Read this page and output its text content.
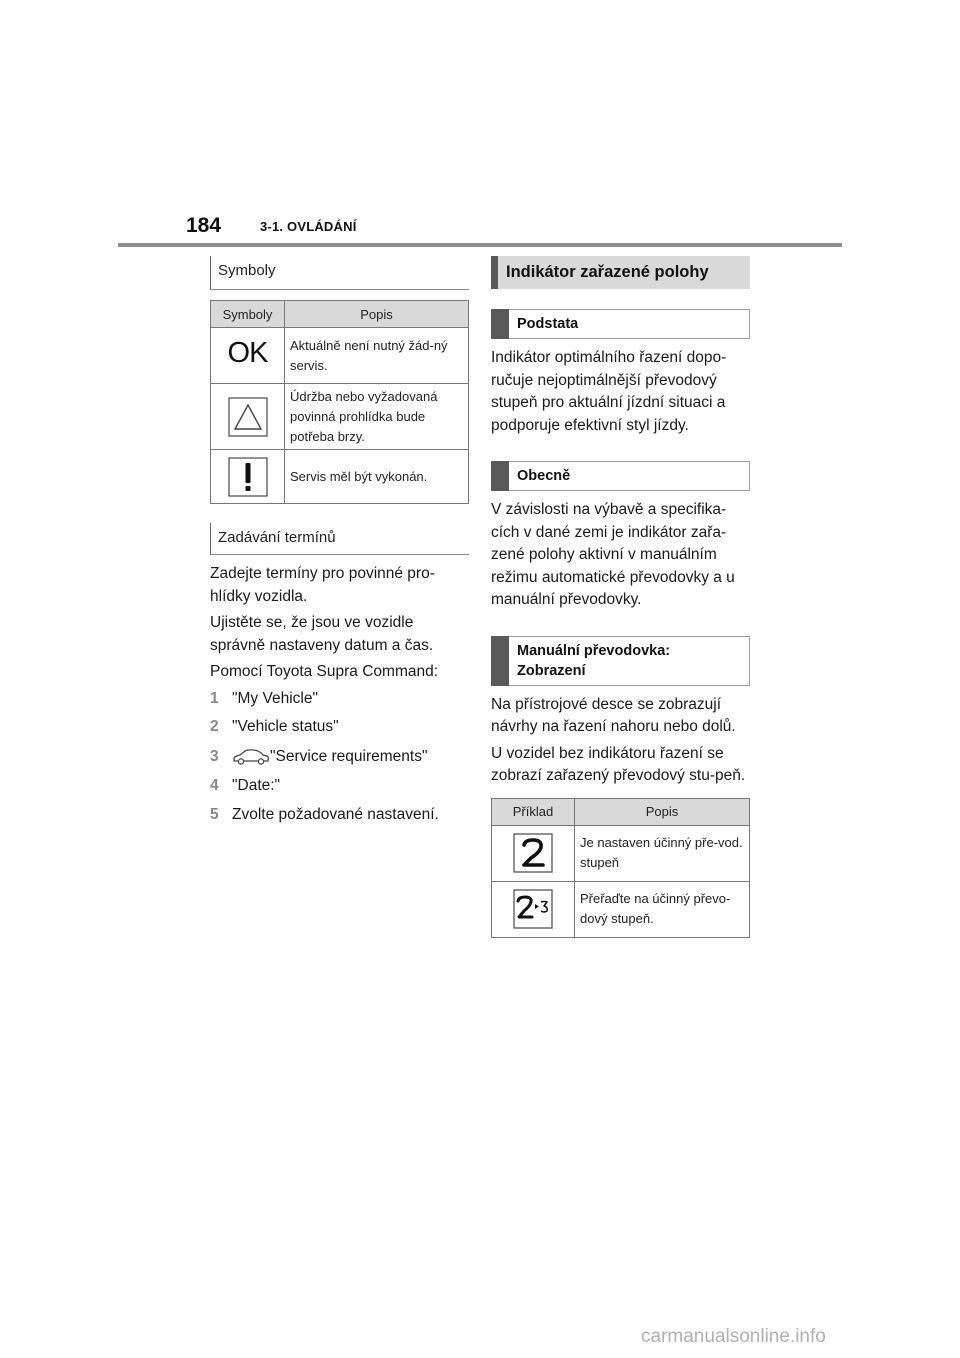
184	3-1. OVLÁDÁNÍ
Symboly
Symboly	Popis
OK	Aktuálně není nutný žád-ný servis.

	Údržba nebo vyžadovaná povinná prohlídka bude potřeba brzy.

	Servis měl být vykonán.
Zadávání termínů

Zadejte termíny pro povinné pro-hlídky vozidla.

Ujistěte se, že jsou ve vozidle správně nastaveny datum a čas.

Pomocí Toyota Supra Command:

1 "My Vehicle"
2 "Vehicle status"
3	"Service requirements"
4 "Date:"
5 Zvolte požadované nastavení.
Indikátor zařazené polohy
Podstata

Indikátor optimálního řazení dopo-ručuje nejoptimálnější převodový stupeň pro aktuální jízdní situaci a podporuje efektivní styl jízdy.

Obecně

V závislosti na výbavě a specifika-cích v dané zemi je indikátor zařa-zené polohy aktivní v manuálním režimu automatické převodovky a u manuální převodovky.

Manuální převodovka: Zobrazení

Na přístrojové desce se zobrazují návrhy na řazení nahoru nebo dolů.

U vozidel bez indikátoru řazení se zobrazí zařazený převodový stu-peň.

Příklad	Popis

	Je nastaven účinný pře-vod. stupeň

	Přeřaďte na účinný převo-dový stupeň.
carmanualsonline.info
